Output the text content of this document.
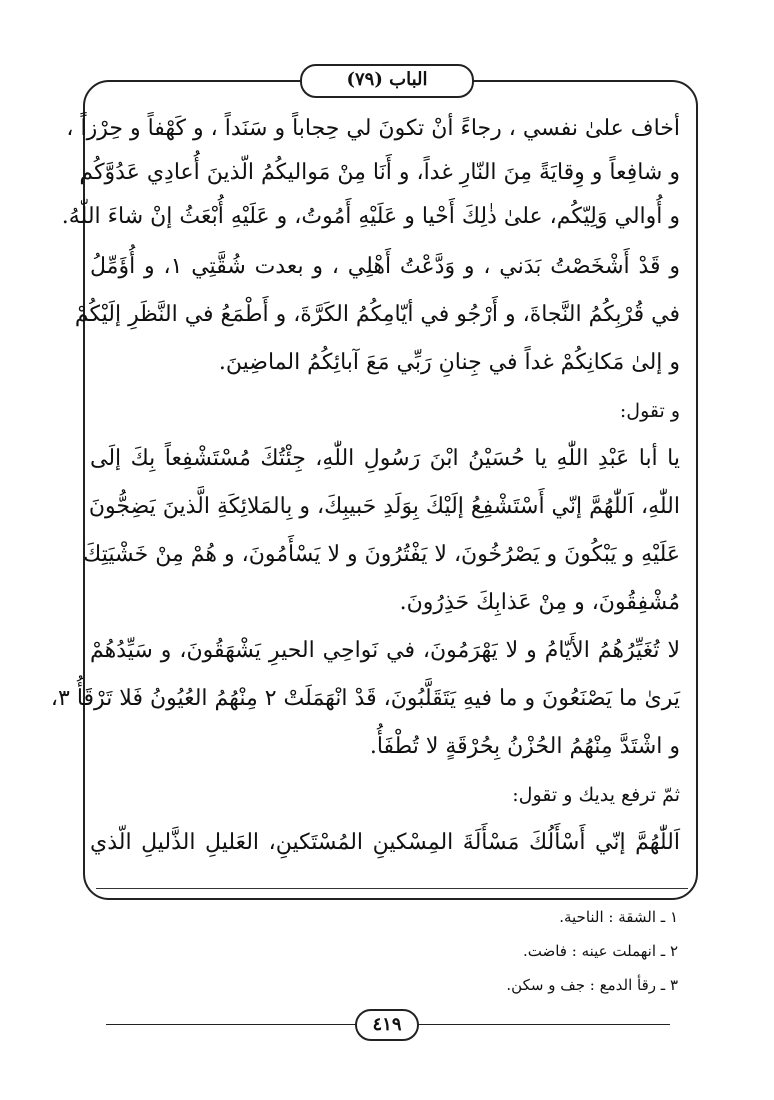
الباب (٧٩)
أخاف علىٰ نفسي ، رجاءً أنْ تكونَ لي حِجاباً و سَنَداً ، و كَهْفاً و حِرْزاً ،
و شافِعاً و وِقايَةً مِنَ النّارِ غداً، و أَنَا مِنْ مَواليكُمُ الّذينَ أُعادِي عَدُوَّكُم
و أُوالي وَلِيّكُم، علىٰ ذٰلِكَ أَحْيا و عَلَيْهِ أَمُوتُ، و عَلَيْهِ أُبْعَثُ إنْ شاءَ اللّٰهُ.
و قَدْ أَشْخَصْتُ بَدَني ، و وَدَّعْتُ أَهْلِي ، و بعدت شُقَّتِي ١، و أُؤَمِّلُ
في قُرْبِكُمُ النَّجاةَ، و أَرْجُو في أيّامِكُمُ الكَرَّةَ، و أَطْمَعُ في النَّظَرِ إلَيْكُمْ
و إلىٰ مَكانِكُمْ غداً في جِنانِ رَبِّي مَعَ آبائِكُمُ الماضِينَ.
و تقول:
يا أبا عَبْدِ اللّٰهِ يا حُسَيْنُ ابْنَ رَسُولِ اللّٰهِ، جِئْتُكَ مُسْتَشْفِعاً بِكَ إلَى
اللّٰهِ، اَللّٰهُمَّ إنّي أَسْتَشْفِعُ إلَيْكَ بِوَلَدِ حَبيبِكَ، و بِالمَلائِكَةِ الَّذينَ يَضِجُّونَ
عَلَيْهِ و يَبْكُونَ و يَصْرُخُونَ، لا يَفْتُرُونَ و لا يَسْأَمُونَ، و هُمْ مِنْ خَشْيَتِكَ
مُشْفِقُونَ، و مِنْ عَذابِكَ حَذِرُونَ.
لا تُغَيِّرُهُمُ الأَيّامُ و لا يَهْرَمُونَ، في نَواحِي الحيرِ يَشْهَقُونَ، و سَيِّدُهُمْ
يَرىٰ ما يَصْنَعُونَ و ما فيهِ يَتَقَلَّبُونَ، قَدْ انْهَمَلَتْ ٢ مِنْهُمُ العُيُونُ فَلا تَرْقَأُ ٣،
و اشْتَدَّ مِنْهُمُ الحُزْنُ بِحُرْقَةٍ لا تُطْفَأُ.
ثمّ ترفع يديك و تقول:
اَللّٰهُمَّ إنّي أَسْأَلُكَ مَسْأَلَةَ المِسْكينِ المُسْتَكينِ، العَليلِ الذَّليلِ الّذي
١ ـ الشقة : الناحية.
٢ ـ انهملت عينه : فاضت.
٣ ـ رقأ الدمع : جف و سكن.
٤١٩
